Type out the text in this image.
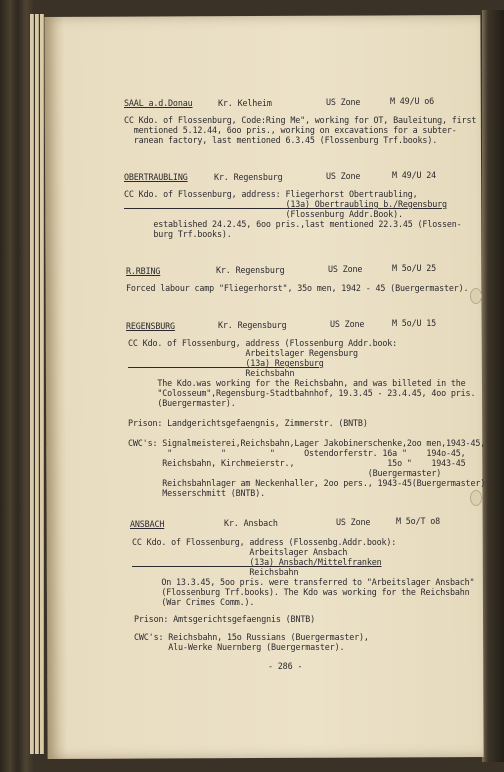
SAAL a.d.Donau	Kr. Kelheim	US Zone	M 49/U o6
CC Kdo. of Flossenburg, Code:Ring Me", working for OT, Bauleitung, first
mentioned 5.12.44, 6oo pris., working on excavations for a subter-
ranean factory, last mentioned 6.3.45 (Flossenburg Trf.books).
OBERTRAUBLING	Kr. Regensburg	US Zone	M 49/U 24
CC Kdo. of Flossenburg, address: Fliegerhorst Obertraubling,
(13a) Obertraubling b./Regensburg
(Flossenburg Addr.Book).
established 24.2.45, 6oo pris.,last mentioned 22.3.45 (Flossen-
burg Trf.books).
R.RBING	Kr. Regensburg	US Zone	M 5o/U 25
Forced labour camp "Fliegerhorst", 35o men, 1942 - 45 (Buergermaster).
REGENSBURG	Kr. Regensburg	US Zone	M 5o/U 15
CC Kdo. of Flossenburg, address (Flossenburg Addr.book:
Arbeitslager Regensburg
(13a) Regensburg
Reichsbahn
The Kdo.was working for the Reichsbahn, and was billeted in the
"Colosseum",Regensburg-Stadtbahnhof, 19.3.45 - 23.4.45, 4oo pris.
(Buergermaster).
Prison: Landgerichtsgefaengnis, Zimmerstr. (BNTB)
CWC's: Signalmeisterei,Reichsbahn,Lager Jakobinerschenke,2oo men,1943-45,
"          "         "      Ostendorferstr. 16a "    194o-45,
Reichsbahn, Kirchmeierstr.,                   15o "    1943-45
(Buergermaster)
Reichsbahnlager am Neckenhaller, 2oo pers., 1943-45(Buergermaster)
Messerschmitt (BNTB).
ANSBACH	Kr. Ansbach	US Zone	M 5o/T o8
CC Kdo. of Flossenburg, address (Flossenbg.Addr.book):
Arbeitslager Ansbach
(13a) Ansbach/Mittelfranken
Reichsbahn
On 13.3.45, 5oo pris. were transferred to "Arbeitslager Ansbach"
(Flossenburg Trf.books). The Kdo was working for the Reichsbahn
(War Crimes Comm.).
Prison: Amtsgerichtsgefaengnis (BNTB)
CWC's: Reichsbahn, 15o Russians (Buergermaster),
Alu-Werke Nuernberg (Buergermaster).
- 286 -
